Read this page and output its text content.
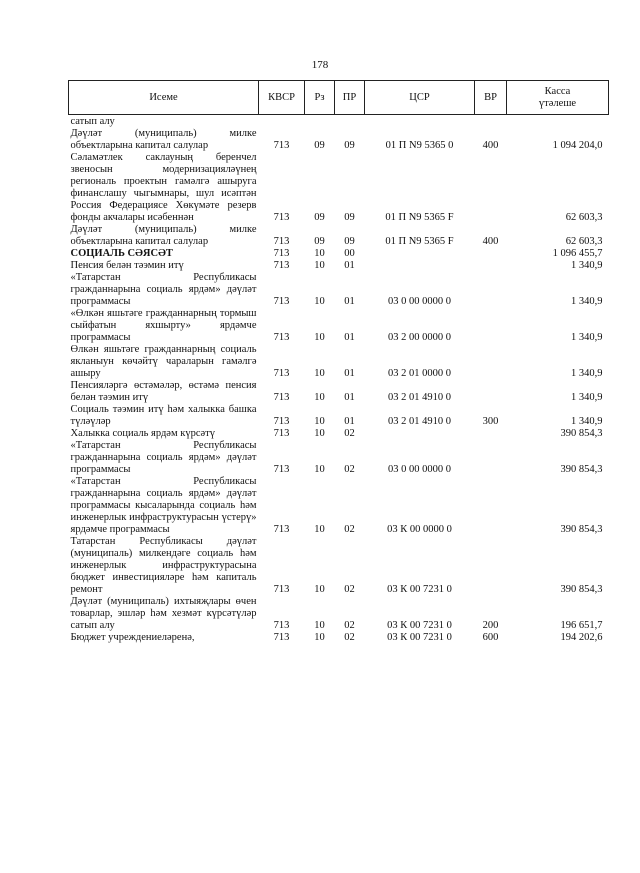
178
Исеме	КВСР	Рз	ПР	ЦСР	ВР	Касса
үтәлеше
сатып алу						
Дәүләт (муниципаль) милке объектларына капитал салулар	713	09	09	01 П N9 5365 0	400	1 094 204,0
Сәламәтлек саклауның беренчел звеносын модернизацияләүнең региональ проектын гамәлгә ашыруга финанслашу чыгымнары, шул исәптән Россия Федерациясе Хөкүмәте резерв фонды акчалары исәбеннән	713	09	09	01 П N9 5365 F		62 603,3
Дәүләт (муниципаль) милке объектларына капитал салулар	713	09	09	01 П N9 5365 F	400	62 603,3
СОЦИАЛЬ СӘЯСӘТ	713	10	00			1 096 455,7
Пенсия белән тәэмин итү	713	10	01			1 340,9
«Татарстан Республикасы гражданнарына социаль ярдәм» дәүләт программасы	713	10	01	03 0 00 0000 0		1 340,9
«Өлкән яшьтәге гражданнарның тормыш сыйфатын яхшырту» ярдәмче программасы	713	10	01	03 2 00 0000 0		1 340,9
Өлкән яшьтәге гражданнарның социаль якланыун көчәйтү чараларын гамәлгә ашыру	713	10	01	03 2 01 0000 0		1 340,9
Пенсияләргә өстәмәләр, өстәмә пенсия белән тәэмин итү	713	10	01	03 2 01 4910 0		1 340,9
Социаль тәэмин итү һәм халыкка башка түләүләр	713	10	01	03 2 01 4910 0	300	1 340,9
Халыкка социаль ярдәм күрсәтү	713	10	02			390 854,3
«Татарстан Республикасы гражданнарына социаль ярдәм» дәүләт программасы	713	10	02	03 0 00 0000 0		390 854,3
«Татарстан Республикасы гражданнарына социаль ярдәм» дәүләт программасы кысаларында социаль һәм инженерлык инфраструктурасын үстерү» ярдәмче программасы	713	10	02	03 К 00 0000 0		390 854,3
Татарстан Республикасы дәүләт (муниципаль) милкендәге социаль һәм инженерлык инфраструктурасына бюджет инвестицияләре һәм капиталь ремонт	713	10	02	03 К 00 7231 0		390 854,3
Дәүләт (муниципаль) ихтыяҗлары өчен товарлар, эшләр һәм хезмәт күрсәтүләр сатып алу	713	10	02	03 К 00 7231 0	200	196 651,7
Бюджет учреждениеләренә,	713	10	02	03 К 00 7231 0	600	194 202,6
